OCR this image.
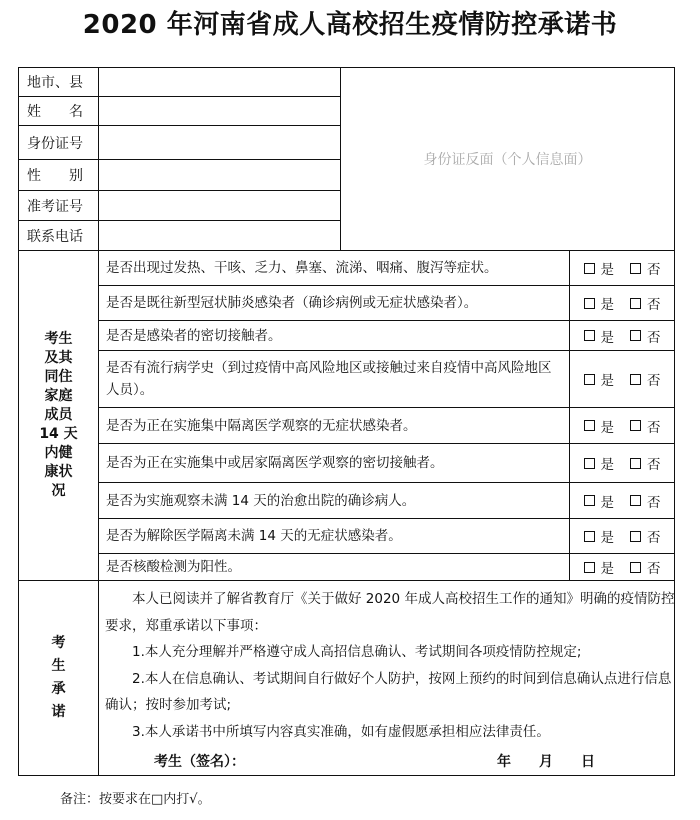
2020 年河南省成人高校招生疫情防控承诺书
地市、县
姓　　名
身份证号
性　　别
准考证号
联系电话
身份证反面（个人信息面）
考生
及其
同住
家庭
成员
14 天
内健
康状
况
是否出现过发热、干咳、乏力、鼻塞、流涕、咽痛、腹泻等症状。
是否是既往新型冠状肺炎感染者（确诊病例或无症状感染者）。
是否是感染者的密切接触者。
是否有流行病学史（到过疫情中高风险地区或接触过来自疫情中高风险地区人员）。
是否为正在实施集中隔离医学观察的无症状感染者。
是否为正在实施集中或居家隔离医学观察的密切接触者。
是否为实施观察未满 14 天的治愈出院的确诊病人。
是否为解除医学隔离未满 14 天的无症状感染者。
是否核酸检测为阳性。
是 否
是 否
是 否
是 否
是 否
是 否
是 否
是 否
是 否
考
生
承
诺

本人已阅读并了解省教育厅《关于做好 2020 年成人高校招生工作的通知》明确的疫情防控要求，郑重承诺以下事项：

1.本人充分理解并严格遵守成人高招信息确认、考试期间各项疫情防控规定;

2.本人在信息确认、考试期间自行做好个人防护，按网上预约的时间到信息确认点进行信息确认；按时参加考试;

3.本人承诺书中所填写内容真实准确，如有虚假愿承担相应法律责任。

考生（签名）：	年　　月　　日
备注：按要求在□内打√。
